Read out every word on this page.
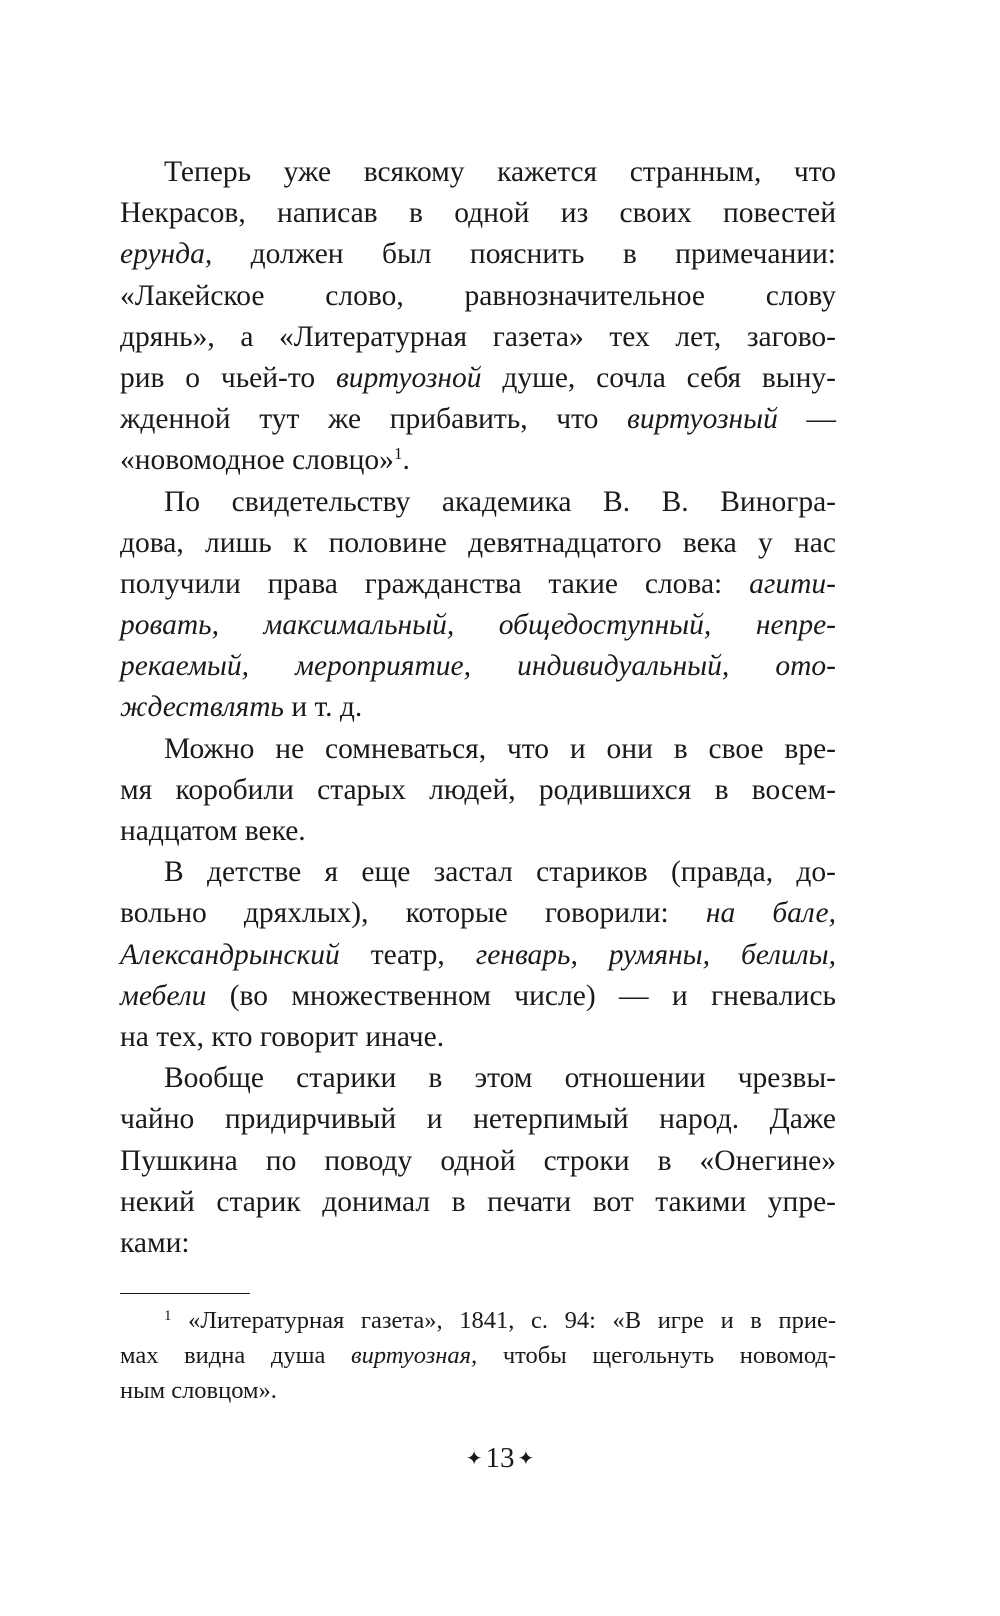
Теперь уже всякому кажется странным, что
Некрасов, написав в одной из своих повестей
ерунда, должен был пояснить в примечании:
«Лакейское слово, равнозначительное слову
дрянь», а «Литературная газета» тех лет, загово-
рив о чьей-то виртуозной душе, сочла себя выну-
жденной тут же прибавить, что виртуозный —
«новомодное словцо»$^1$.
По свидетельству академика В. В. Виногра-
дова, лишь к половине девятнадцатого века у нас
получили права гражданства такие слова: агити-
ровать, максимальный, общедоступный, непре-
рекаемый, мероприятие, индивидуальный, ото-
ждествлять и т. д.
Можно не сомневаться, что и они в свое вре-
мя коробили старых людей, родившихся в восем-
надцатом веке.
В детстве я еще застал стариков (правда, до-
вольно дряхлых), которые говорили: на бале,
Александрынский театр, генварь, румяны, белилы,
мебели (во множественном числе) — и гневались
на тех, кто говорит иначе.
Вообще старики в этом отношении чрезвы-
чайно придирчивый и нетерпимый народ. Даже
Пушкина по поводу одной строки в «Онегине»
некий старик донимал в печати вот такими упре-
ками:
$^1$ «Литературная газета», 1841, с. 94: «В игре и в прие-
мах видна душа виртуозная, чтобы щегольнуть новомод-
ным словцом».
✦ 13 ✦
